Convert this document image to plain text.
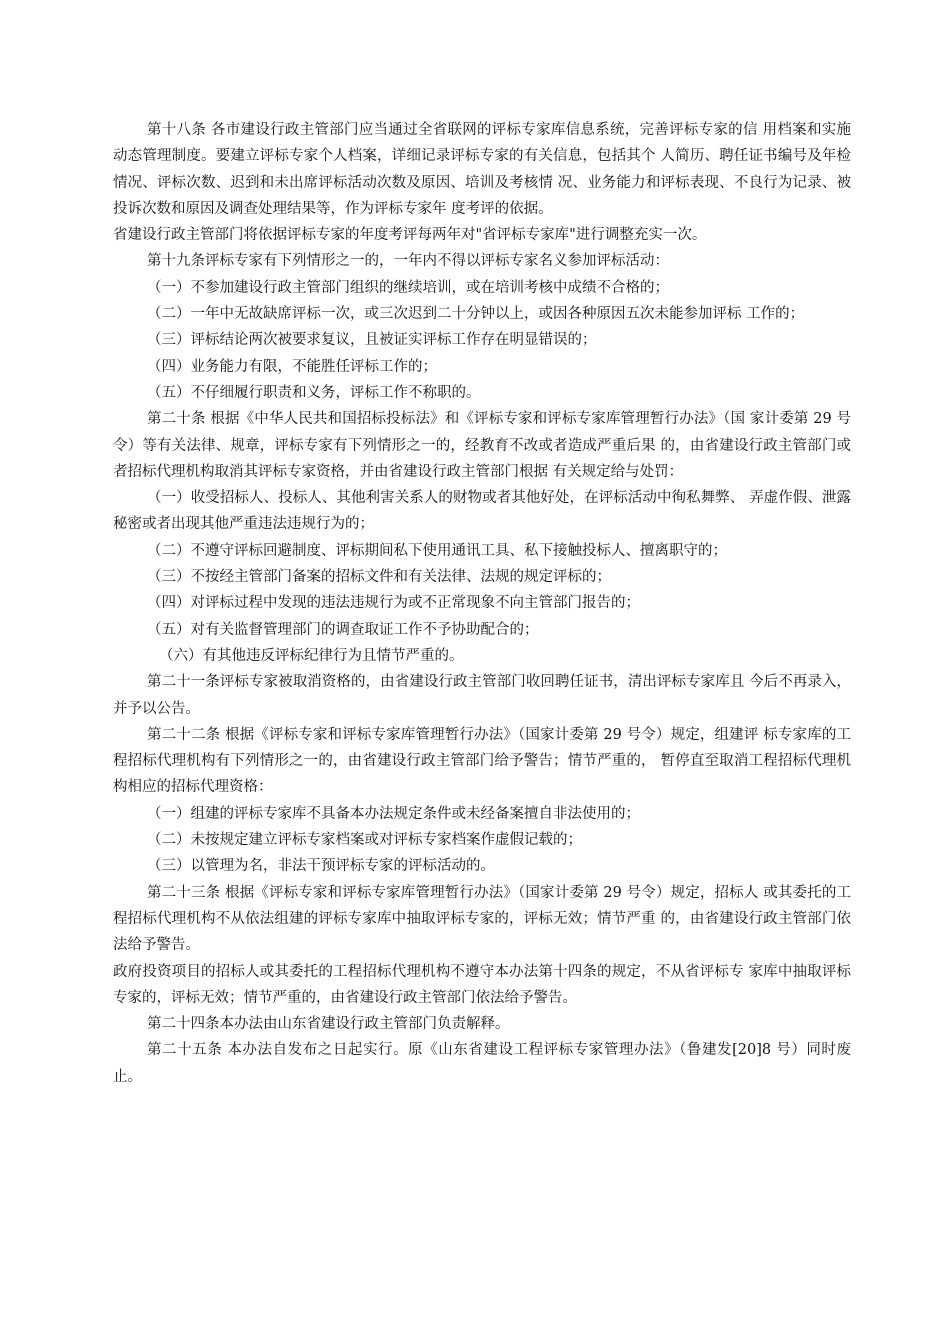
第十八条 各市建设行政主管部门应当通过全省联网的评标专家库信息系统，完善评标专家的信 用档案和实施动态管理制度。要建立评标专家个人档案，详细记录评标专家的有关信息，包括其个 人简历、聘任证书编号及年检情况、评标次数、迟到和未出席评标活动次数及原因、培训及考核情 况、业务能力和评标表现、不良行为记录、被投诉次数和原因及调查处理结果等，作为评标专家年 度考评的依据。

省建设行政主管部门将依据评标专家的年度考评每两年对"省评标专家库"进行调整充实一次。

第十九条评标专家有下列情形之一的，一年内不得以评标专家名义参加评标活动：

（一）不参加建设行政主管部门组织的继续培训，或在培训考核中成绩不合格的；

（二）一年中无故缺席评标一次，或三次迟到二十分钟以上，或因各种原因五次未能参加评标 工作的；

（三）评标结论两次被要求复议，且被证实评标工作存在明显错误的；

（四）业务能力有限，不能胜任评标工作的；

（五）不仔细履行职责和义务，评标工作不称职的。

第二十条 根据《中华人民共和国招标投标法》和《评标专家和评标专家库管理暂行办法》（国 家计委第 29 号令）等有关法律、规章，评标专家有下列情形之一的，经教育不改或者造成严重后果 的，由省建设行政主管部门或者招标代理机构取消其评标专家资格，并由省建设行政主管部门根据 有关规定给与处罚：

（一）收受招标人、投标人、其他利害关系人的财物或者其他好处，在评标活动中徇私舞弊、 弄虚作假、泄露秘密或者出现其他严重违法违规行为的；

（二）不遵守评标回避制度、评标期间私下使用通讯工具、私下接触投标人、擅离职守的；

（三）不按经主管部门备案的招标文件和有关法律、法规的规定评标的；

（四）对评标过程中发现的违法违规行为或不正常现象不向主管部门报告的；

（五）对有关监督管理部门的调查取证工作不予协助配合的；

（六）有其他违反评标纪律行为且情节严重的。

第二十一条评标专家被取消资格的，由省建设行政主管部门收回聘任证书，清出评标专家库且 今后不再录入，并予以公告。

第二十二条 根据《评标专家和评标专家库管理暂行办法》（国家计委第 29 号令）规定，组建评 标专家库的工程招标代理机构有下列情形之一的，由省建设行政主管部门给予警告；情节严重的， 暂停直至取消工程招标代理机构相应的招标代理资格：

（一）组建的评标专家库不具备本办法规定条件或未经备案擅自非法使用的；

（二）未按规定建立评标专家档案或对评标专家档案作虚假记载的；

（三）以管理为名，非法干预评标专家的评标活动的。

第二十三条 根据《评标专家和评标专家库管理暂行办法》（国家计委第 29 号令）规定，招标人 或其委托的工程招标代理机构不从依法组建的评标专家库中抽取评标专家的，评标无效；情节严重 的，由省建设行政主管部门依法给予警告。

政府投资项目的招标人或其委托的工程招标代理机构不遵守本办法第十四条的规定，不从省评标专 家库中抽取评标专家的，评标无效；情节严重的，由省建设行政主管部门依法给予警告。

第二十四条本办法由山东省建设行政主管部门负责解释。

第二十五条 本办法自发布之日起实行。原《山东省建设工程评标专家管理办法》（鲁建发[20]8 号）同时废止。
